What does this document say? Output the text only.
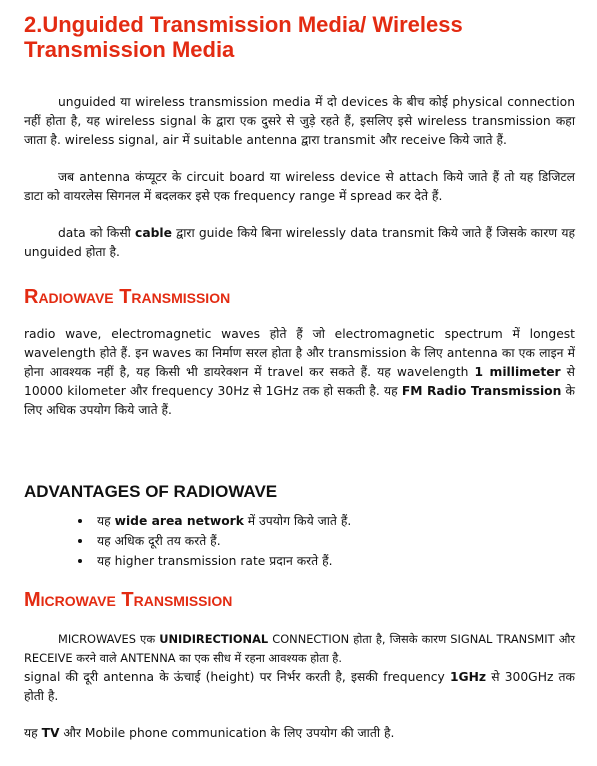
2.Unguided Transmission Media/ Wireless
Transmission Media

unguided या wireless transmission media में दो devices के बीच कोई physical connection नहीं होता है, यह wireless signal के द्वारा एक दुसरे से जुड़े रहते हैं, इसलिए इसे wireless transmission कहा जाता है. wireless signal, air में suitable antenna द्वारा transmit और receive किये जाते हैं.

जब antenna कंप्यूटर के circuit board या wireless device से attach किये जाते हैं तो यह डिजिटल डाटा को वायरलेस सिगनल में बदलकर इसे एक frequency range में spread कर देते हैं.

data को किसी cable द्वारा guide किये बिना wirelessly data transmit किये जाते हैं जिसके कारण यह unguided होता है.

Radiowave Transmission

radio wave, electromagnetic waves होते हैं जो electromagnetic spectrum में longest wavelength होते हैं. इन waves का निर्माण सरल होता है और transmission के लिए antenna का एक लाइन में होना आवश्यक नहीं है, यह किसी भी डायरेक्शन में travel कर सकते हैं. यह wavelength 1 millimeter से 10000 kilometer और frequency 30Hz से 1GHz तक हो सकती है. यह FM Radio Transmission के लिए अधिक उपयोग किये जाते हैं.

ADVANTAGES OF RADIOWAVE
यह wide area network में उपयोग किये जाते हैं.
यह अधिक दूरी तय करते हैं.
यह higher transmission rate प्रदान करते हैं.
Microwave Transmission

MICROWAVES एक UNIDIRECTIONAL CONNECTION होता है, जिसके कारण SIGNAL TRANSMIT और RECEIVE करने वाले ANTENNA का एक सीध में रहना आवश्यक होता है.

signal की दूरी antenna के ऊंचाई (height) पर निर्भर करती है, इसकी frequency 1GHz से 300GHz तक होती है.

यह TV और Mobile phone communication के लिए उपयोग की जाती है.
